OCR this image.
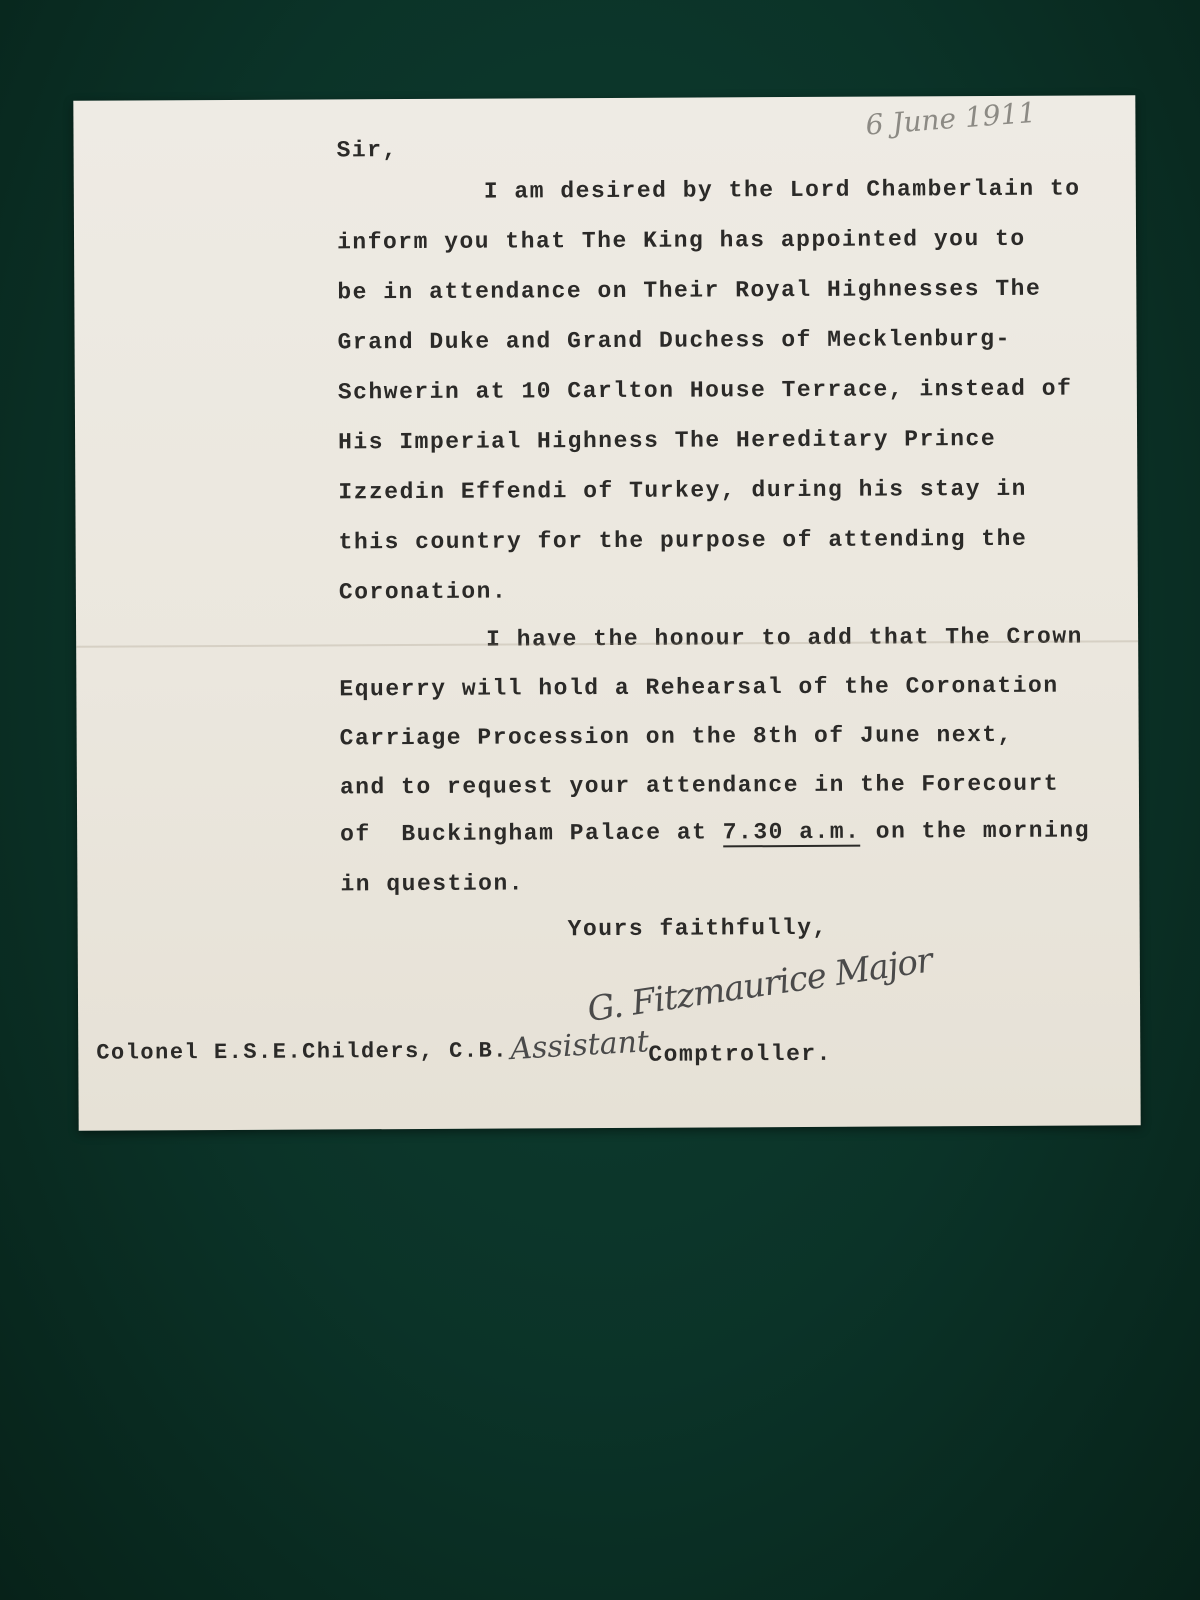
6 June 1911

Sir,

I am desired by the Lord Chamberlain to

inform you that The King has appointed you to

be in attendance on Their Royal Highnesses The

Grand Duke and Grand Duchess of Mecklenburg-

Schwerin at 10 Carlton House Terrace, instead of

His Imperial Highness The Hereditary Prince

Izzedin Effendi of Turkey, during his stay in

this country for the purpose of attending the

Coronation.

I have the honour to add that The Crown

Equerry will hold a Rehearsal of the Coronation

Carriage Procession on the 8th of June next,

and to request your attendance in the Forecourt

of  Buckingham Palace at 7.30 a.m. on the morning

in question.

Yours faithfully,

G. Fitzmaurice Major
Assistant

Colonel E.S.E.Childers, C.B.	Comptroller.
